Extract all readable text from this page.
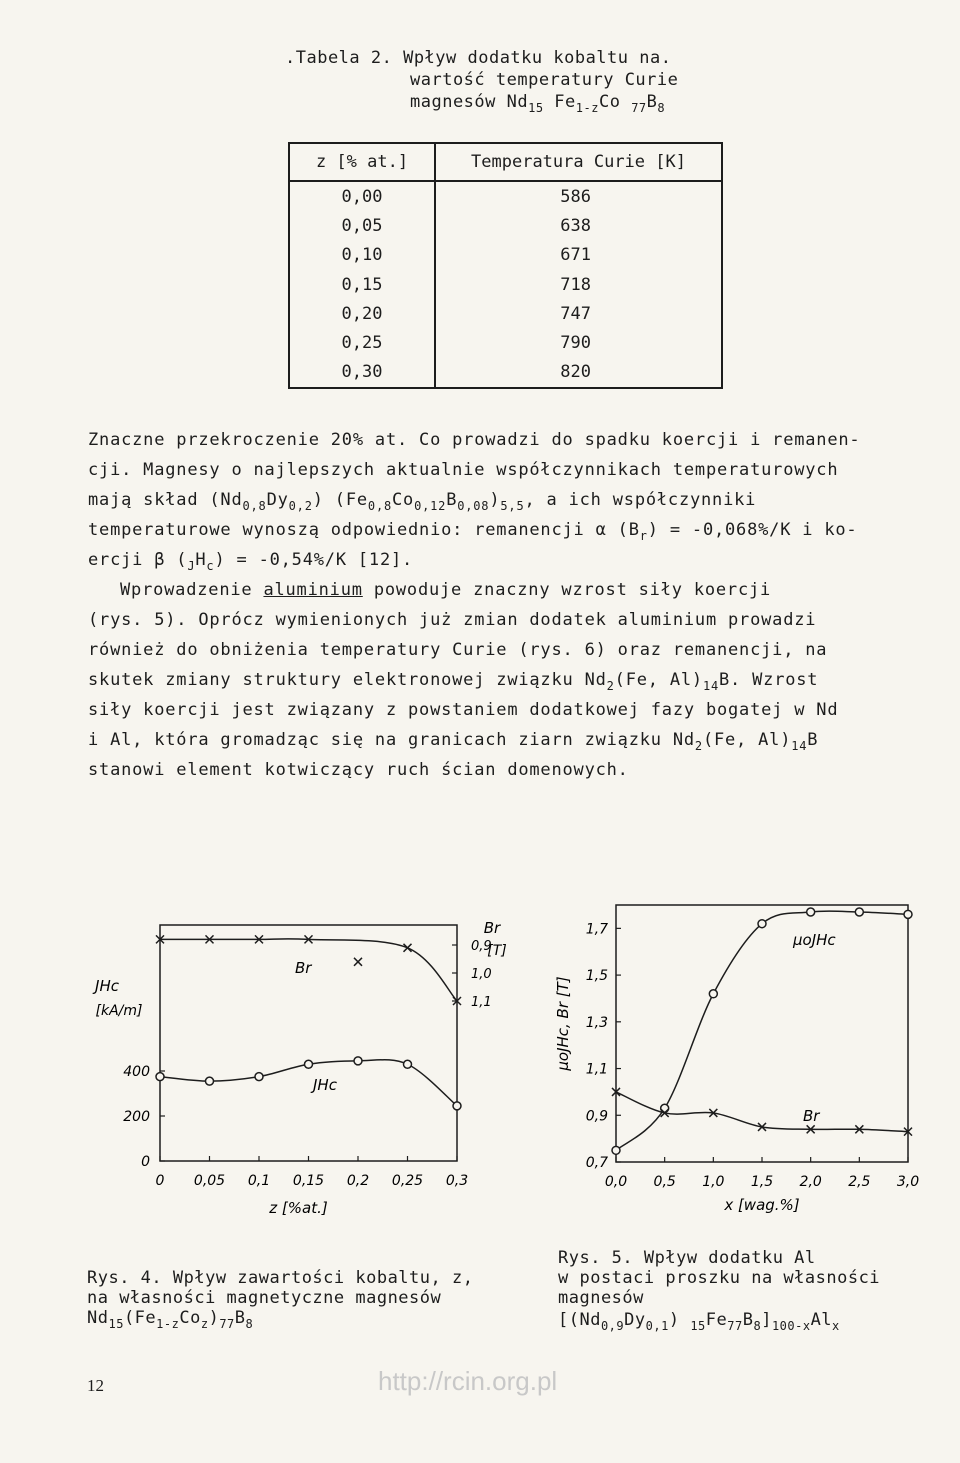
.Tabela 2. Wpływ dodatku kobaltu na.
wartość temperatury Curie
magnesów $Nd_{15}$ $Fe_{1-z}Co$ $_{77}B_8$
z [% at.]	Temperatura Curie [K]
0,00	586
0,05	638
0,10	671
0,15	718
0,20	747
0,25	790
0,30	820
Znaczne przekroczenie 20% at. Co prowadzi do spadku koercji i remanen-
cji. Magnesy o najlepszych aktualnie współczynnikach temperaturowych
mają skład $(Nd_{0,8}Dy_{0,2})$ $(Fe_{0,8}Co_{0,12}B_{0,08})_{5,5}$, a ich współczynniki
temperaturowe wynoszą odpowiednio: remanencji α $(B_r) = -0,068\%/K$ i ko-
ercji β $(_JH_c) = -0,54\%/K$ [12].
Wprowadzenie aluminium powoduje znaczny wzrost siły koercji
(rys. 5). Oprócz wymienionych już zmian dodatek aluminium prowadzi
również do obniżenia temperatury Curie (rys. 6) oraz remanencji, na
skutek zmiany struktury elektronowej związku $Nd_2(Fe$, $Al)_{14}B$. Wzrost
siły koercji jest związany z powstaniem dodatkowej fazy bogatej w Nd
i Al, która gromadząc się na granicach ziarn związku $Nd_2(Fe$, $Al)_{14}B$
stanowi element kotwiczący ruch ścian domenowych.
0 0,05 0,1 0,15 0,2 0,25 0,3
z [%at.]
0
200
400
JHc
[kA/m]
1,1
1,0
0,9
Br
[T]
Br
JHc
0,0 0,5 1,0 1,5 2,0 2,5 3,0
x [wag.%]
0,7
0,9
1,1
1,3
1,5
1,7
μoJHc, Br [T]
μoJHc
Br
Rys. 4. Wpływ zawartości kobaltu, z,
na własności magnetyczne magnesów
$Nd_{15}(Fe_{1-z}Co_z)_{77}B_8$
Rys. 5. Wpływ dodatku Al
w postaci proszku na własności
magnesów
[$(Nd_{0,9}Dy_{0,1})$ $_{15}Fe_{77}B_8]_{100-x}Al_x$
12	http://rcin.org.pl
